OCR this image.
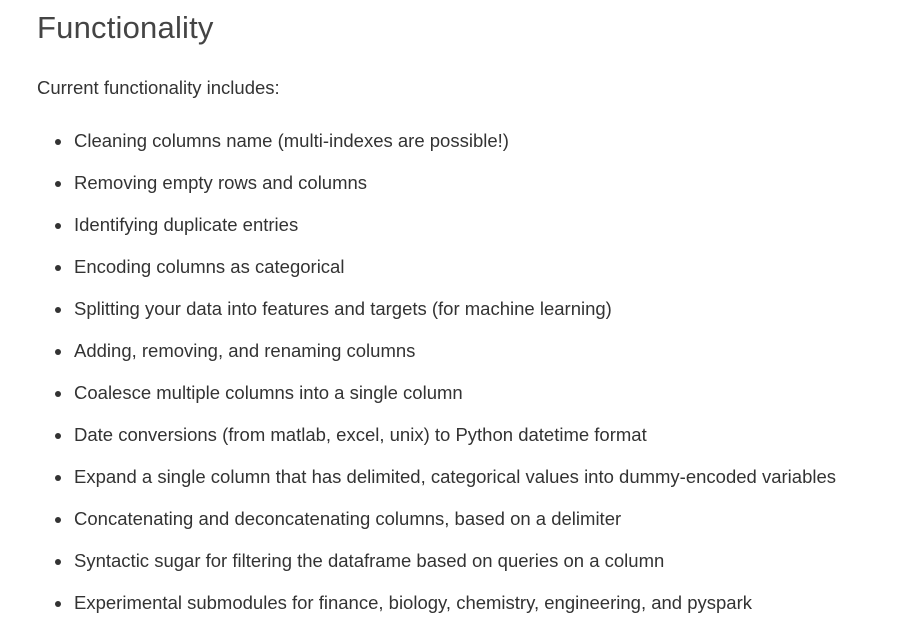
Functionality

Current functionality includes:

Cleaning columns name (multi-indexes are possible!)
Removing empty rows and columns
Identifying duplicate entries
Encoding columns as categorical
Splitting your data into features and targets (for machine learning)
Adding, removing, and renaming columns
Coalesce multiple columns into a single column
Date conversions (from matlab, excel, unix) to Python datetime format
Expand a single column that has delimited, categorical values into dummy-encoded variables
Concatenating and deconcatenating columns, based on a delimiter
Syntactic sugar for filtering the dataframe based on queries on a column
Experimental submodules for finance, biology, chemistry, engineering, and pyspark
